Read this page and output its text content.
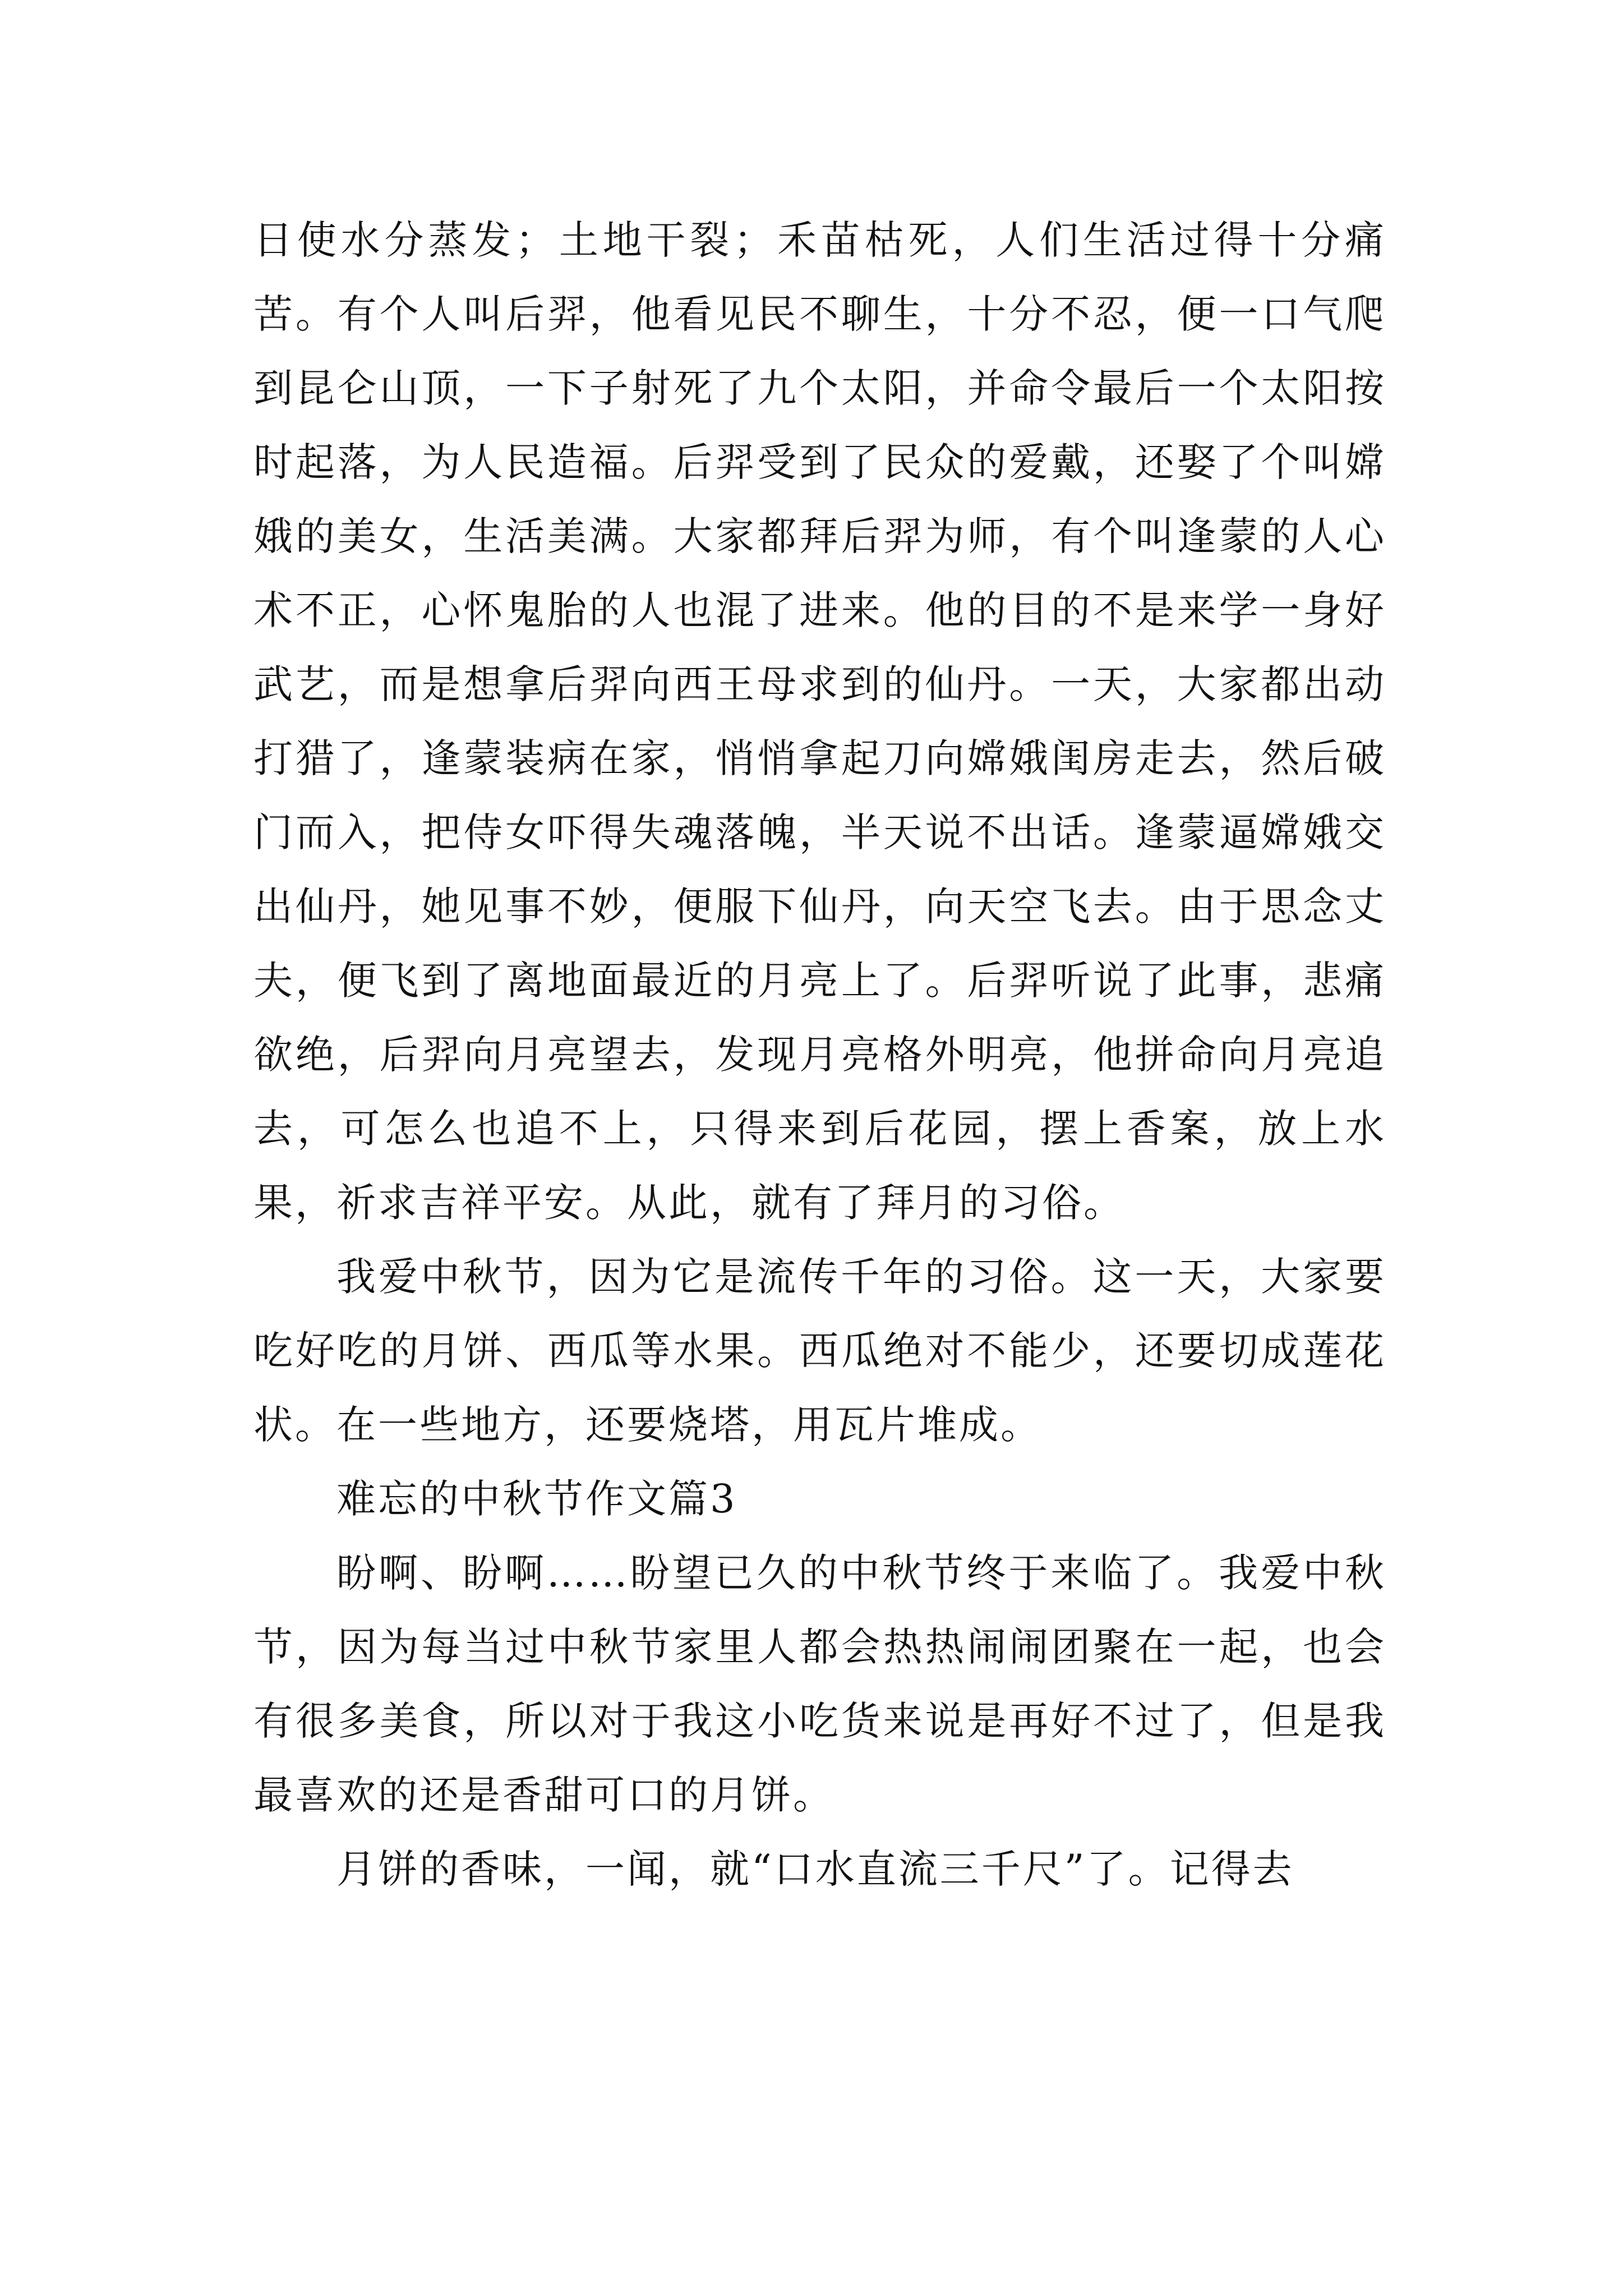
日使水分蒸发；土地干裂；禾苗枯死，人们生活过得十分痛苦。有个人叫后羿，他看见民不聊生，十分不忍，便一口气爬到昆仑山顶，一下子射死了九个太阳，并命令最后一个太阳按时起落，为人民造福。后羿受到了民众的爱戴，还娶了个叫嫦娥的美女，生活美满。大家都拜后羿为师，有个叫逢蒙的人心术不正，心怀鬼胎的人也混了进来。他的目的不是来学一身好武艺，而是想拿后羿向西王母求到的仙丹。一天，大家都出动打猎了，逢蒙装病在家，悄悄拿起刀向嫦娥闺房走去，然后破门而入，把侍女吓得失魂落魄，半天说不出话。逢蒙逼嫦娥交出仙丹，她见事不妙，便服下仙丹，向天空飞去。由于思念丈夫，便飞到了离地面最近的月亮上了。后羿听说了此事，悲痛欲绝，后羿向月亮望去，发现月亮格外明亮，他拼命向月亮追去，可怎么也追不上，只得来到后花园，摆上香案，放上水果，祈求吉祥平安。从此，就有了拜月的习俗。

我爱中秋节，因为它是流传千年的习俗。这一天，大家要吃好吃的月饼、西瓜等水果。西瓜绝对不能少，还要切成莲花状。在一些地方，还要烧塔，用瓦片堆成。

难忘的中秋节作文篇3

盼啊、盼啊……盼望已久的中秋节终于来临了。我爱中秋节，因为每当过中秋节家里人都会热热闹闹团聚在一起，也会有很多美食，所以对于我这小吃货来说是再好不过了，但是我最喜欢的还是香甜可口的月饼。

月饼的香味，一闻，就“口水直流三千尺”了。记得去
